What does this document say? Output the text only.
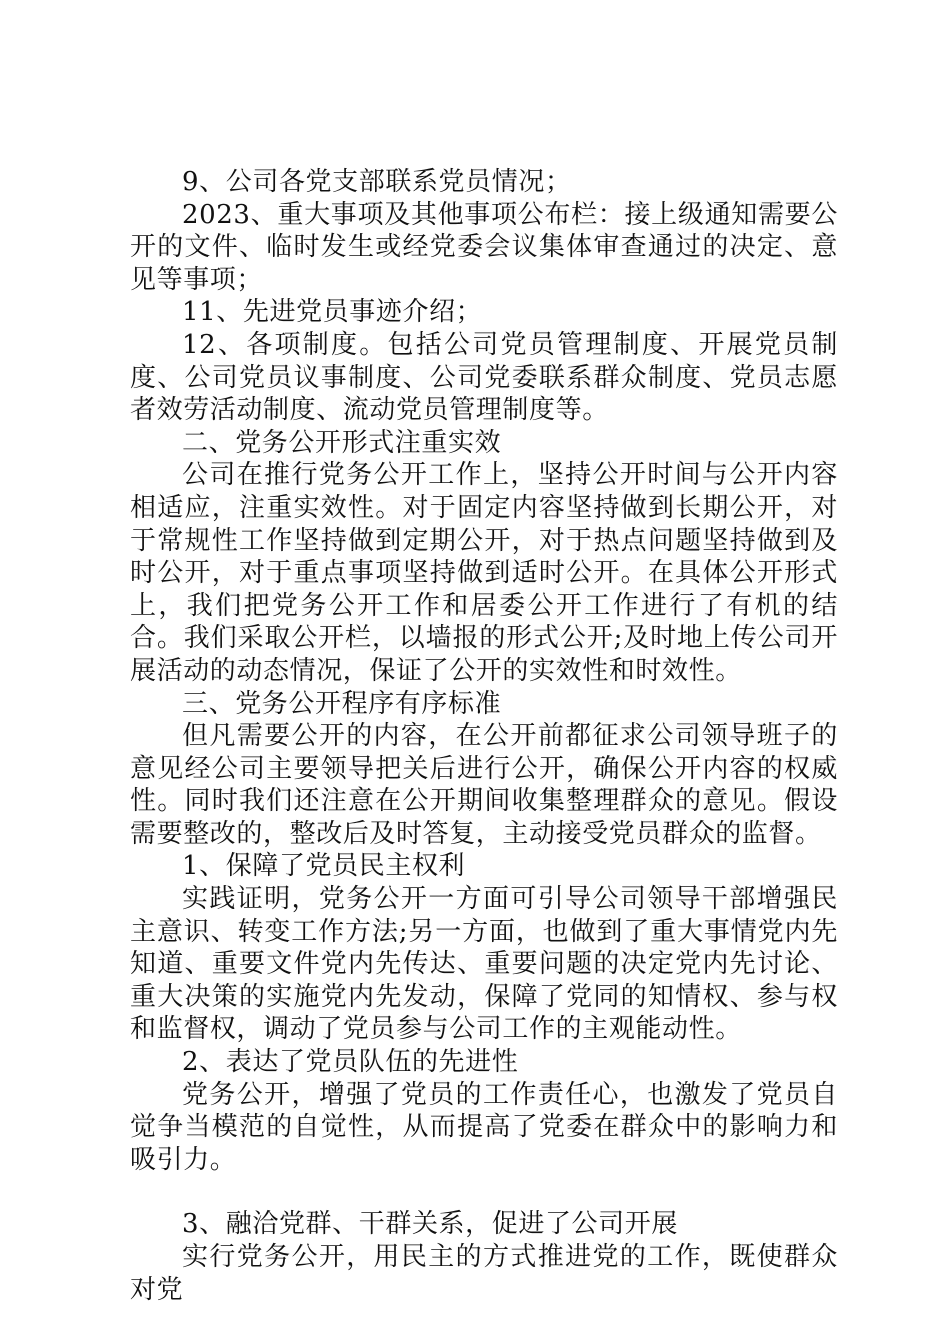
9、公司各党支部联系党员情况；

2023、重大事项及其他事项公布栏：接上级通知需要公开的文件、临时发生或经党委会议集体审查通过的决定、意见等事项；

11、先进党员事迹介绍；

12、各项制度。包括公司党员管理制度、开展党员制度、公司党员议事制度、公司党委联系群众制度、党员志愿者效劳活动制度、流动党员管理制度等。

二、党务公开形式注重实效

公司在推行党务公开工作上，坚持公开时间与公开内容相适应，注重实效性。对于固定内容坚持做到长期公开，对于常规性工作坚持做到定期公开，对于热点问题坚持做到及时公开，对于重点事项坚持做到适时公开。在具体公开形式上，我们把党务公开工作和居委公开工作进行了有机的结合。我们采取公开栏，以墙报的形式公开;及时地上传公司开展活动的动态情况，保证了公开的实效性和时效性。

三、党务公开程序有序标准

但凡需要公开的内容，在公开前都征求公司领导班子的意见经公司主要领导把关后进行公开，确保公开内容的权威性。同时我们还注意在公开期间收集整理群众的意见。假设需要整改的，整改后及时答复，主动接受党员群众的监督。

1、保障了党员民主权利

实践证明，党务公开一方面可引导公司领导干部增强民主意识、转变工作方法;另一方面，也做到了重大事情党内先知道、重要文件党内先传达、重要问题的决定党内先讨论、重大决策的实施党内先发动，保障了党同的知情权、参与权和监督权，调动了党员参与公司工作的主观能动性。

2、表达了党员队伍的先进性

党务公开，增强了党员的工作责任心，也激发了党员自觉争当模范的自觉性，从而提高了党委在群众中的影响力和吸引力。

3、融洽党群、干群关系，促进了公司开展

实行党务公开，用民主的方式推进党的工作，既使群众对党
